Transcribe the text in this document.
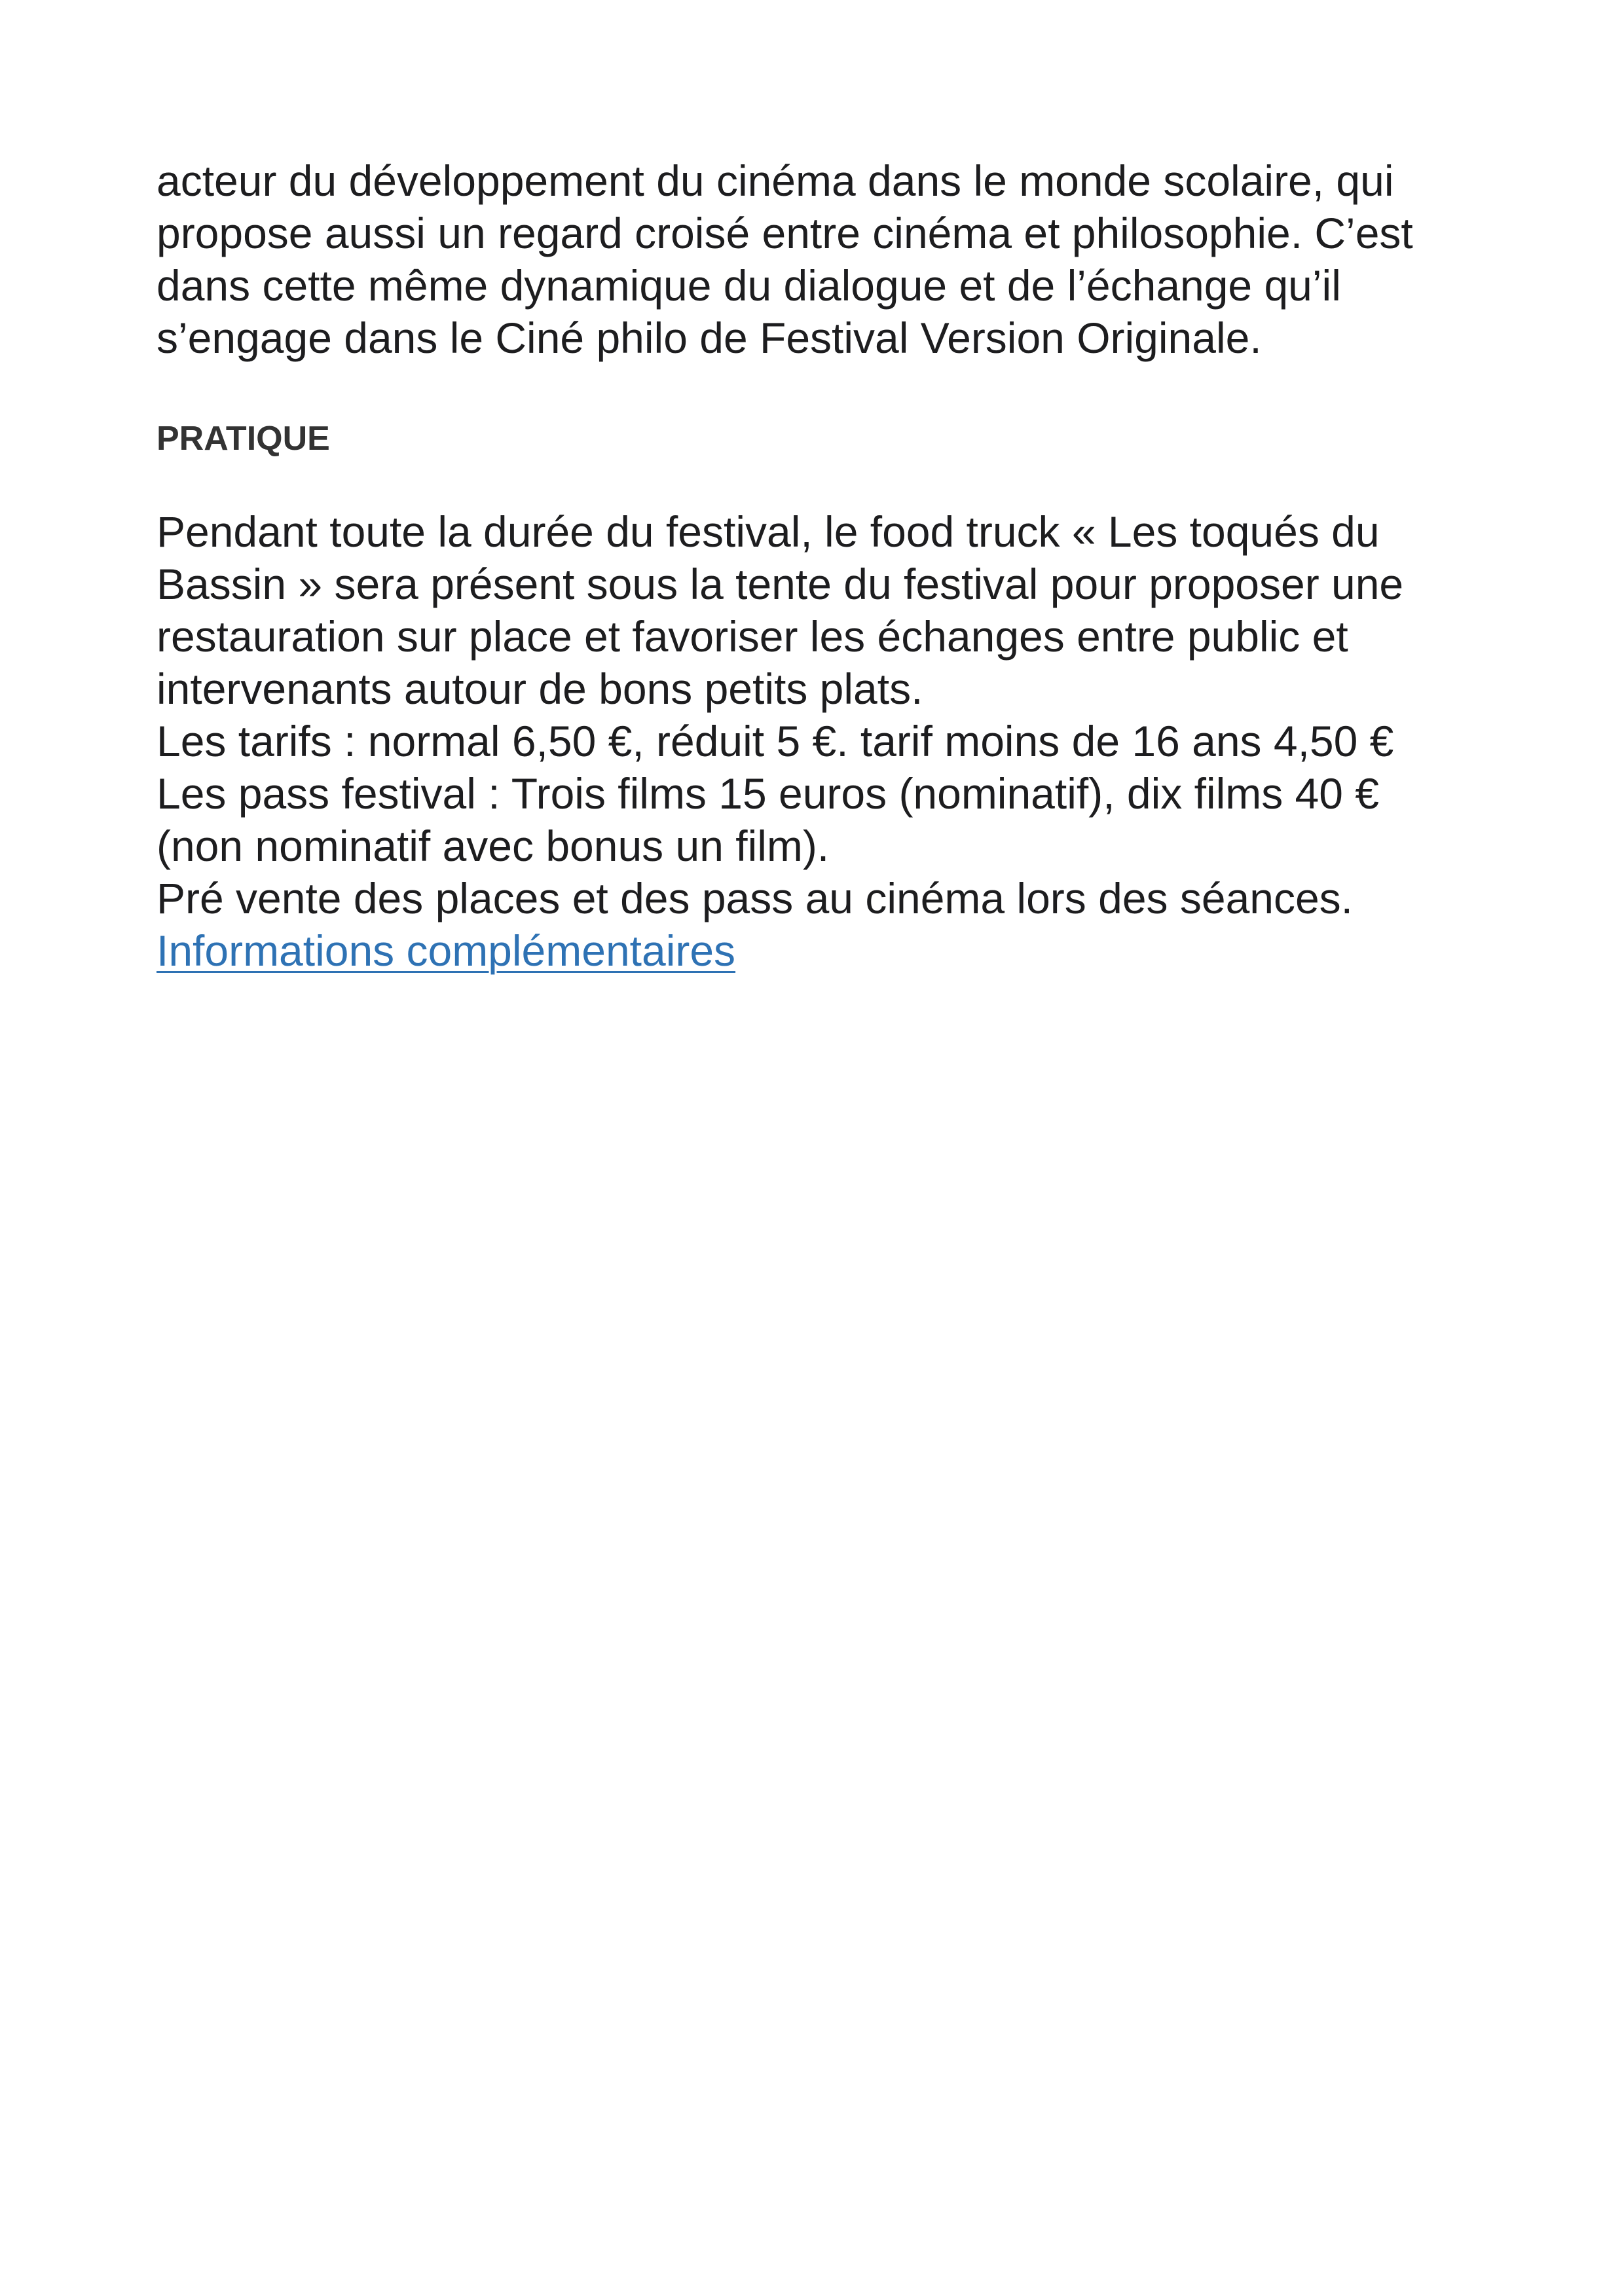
acteur du développement du cinéma dans le monde scolaire, qui
propose aussi un regard croisé entre cinéma et philosophie. C’est
dans cette même dynamique du dialogue et de l’échange qu’il
s’engage dans le Ciné philo de Festival Version Originale.

PRATIQUE

Pendant toute la durée du festival, le food truck « Les toqués du
Bassin » sera présent sous la tente du festival pour proposer une
restauration sur place et favoriser les échanges entre public et
intervenants autour de bons petits plats.
Les tarifs : normal 6,50 €, réduit 5 €. tarif moins de 16 ans 4,50 €
Les pass festival : Trois films 15 euros (nominatif), dix films 40 €
(non nominatif avec bonus un film).
Pré vente des places et des pass au cinéma lors des séances.
Informations complémentaires
